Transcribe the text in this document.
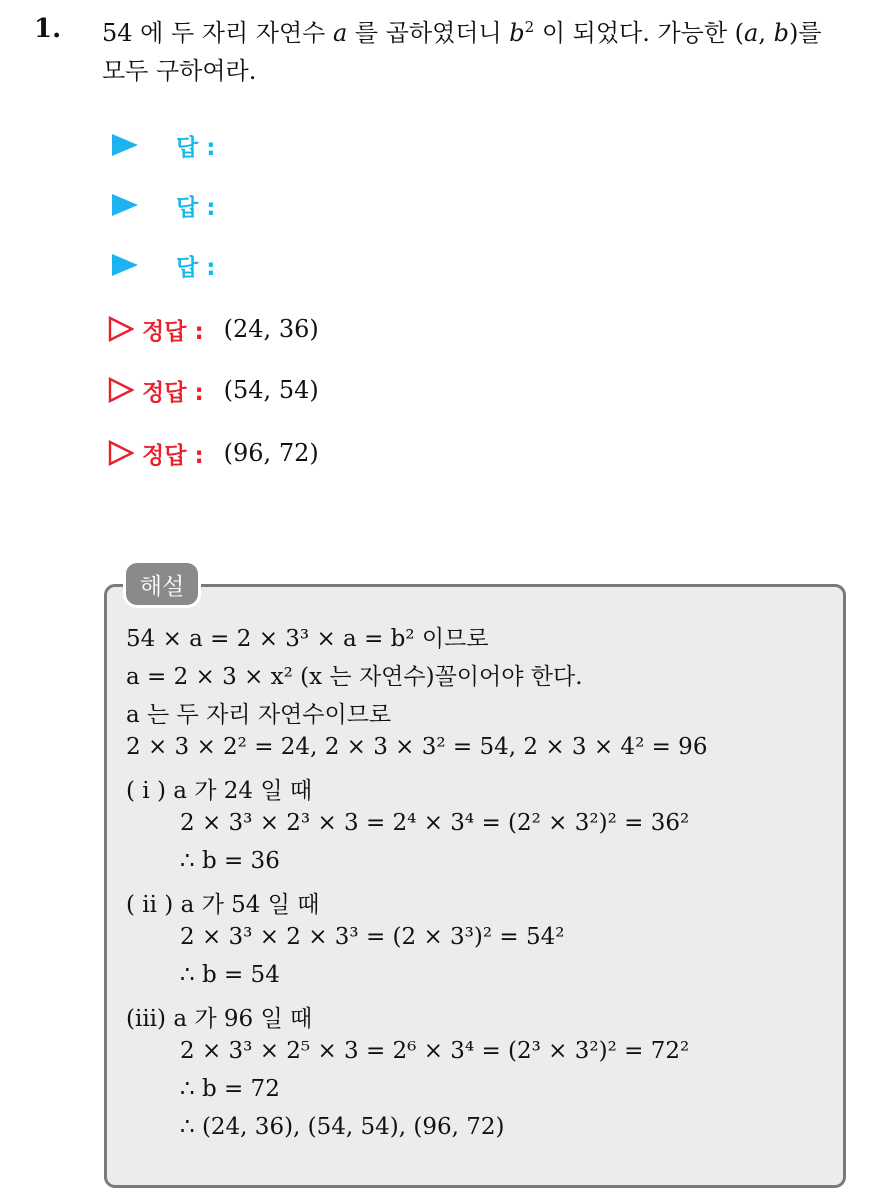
1. 54 에 두 자리 자연수 a 를 곱하였더니 $b^2$ 이 되었다. 가능한 (a, b)를
모두 구하여라.
답 :
답 :
답 :
정답 : (24, 36)
정답 : (54, 54)
정답 : (96, 72)
해설
54 × a = 2 × 3³ × a = b² 이므로
a = 2 × 3 × x² (x 는 자연수)꼴이어야 한다.
a 는 두 자리 자연수이므로
2 × 3 × 2² = 24, 2 × 3 × 3² = 54, 2 × 3 × 4² = 96
( i ) a 가 24 일 때
2 × 3³ × 2³ × 3 = 2⁴ × 3⁴ = (2² × 3²)² = 36²
∴ b = 36
( ii ) a 가 54 일 때
2 × 3³ × 2 × 3³ = (2 × 3³)² = 54²
∴ b = 54
(iii) a 가 96 일 때
2 × 3³ × 2⁵ × 3 = 2⁶ × 3⁴ = (2³ × 3²)² = 72²
∴ b = 72
∴ (24, 36), (54, 54), (96, 72)
